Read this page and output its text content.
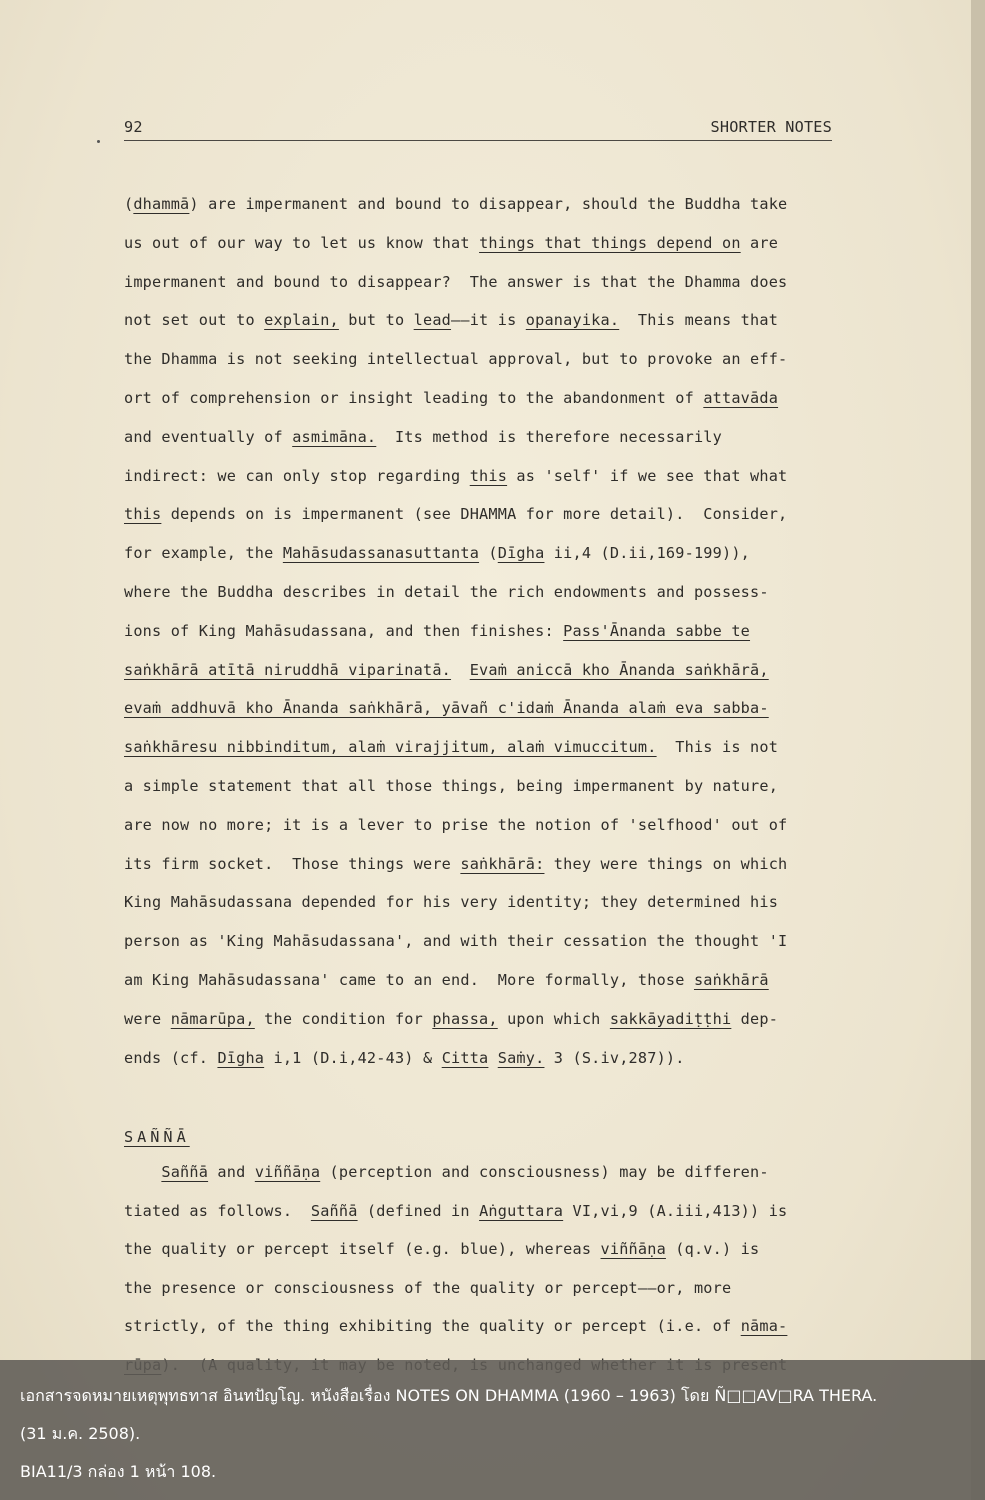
92	SHORTER NOTES
(dhammā) are impermanent and bound to disappear, should the Buddha take
us out of our way to let us know that things that things depend on are
impermanent and bound to disappear?  The answer is that the Dhamma does
not set out to explain, but to lead——it is opanayika.  This means that
the Dhamma is not seeking intellectual approval, but to provoke an eff-
ort of comprehension or insight leading to the abandonment of attavāda
and eventually of asmimāna.  Its method is therefore necessarily
indirect: we can only stop regarding this as 'self' if we see that what
this depends on is impermanent (see DHAMMA for more detail).  Consider,
for example, the Mahāsudassanasuttanta (Dīgha ii,4 (D.ii,169-199)),
where the Buddha describes in detail the rich endowments and possess-
ions of King Mahāsudassana, and then finishes: Pass'Ānanda sabbe te
saṅkhārā atītā niruddhā viparinatā. Evaṁ aniccā kho Ānanda saṅkhārā,
evaṁ addhuvā kho Ānanda saṅkhārā, yāvañ c'idaṁ Ānanda alaṁ eva sabba-
saṅkhāresu nibbinditum, alaṁ virajjitum, alaṁ vimuccitum.  This is not
a simple statement that all those things, being impermanent by nature,
are now no more; it is a lever to prise the notion of 'selfhood' out of
its firm socket.  Those things were saṅkhārā: they were things on which
King Mahāsudassana depended for his very identity; they determined his
person as 'King Mahāsudassana', and with their cessation the thought 'I
am King Mahāsudassana' came to an end.  More formally, those saṅkhārā
were nāmarūpa, the condition for phassa, upon which sakkāyadiṭṭhi dep-
ends (cf. Dīgha i,1 (D.i,42-43) & Citta Saṁy. 3 (S.iv,287)).
SAÑÑĀ
Saññā and viññāṇa (perception and consciousness) may be differen-
tiated as follows.  Saññā (defined in Aṅguttara VI,vi,9 (A.iii,413)) is
the quality or percept itself (e.g. blue), whereas viññāṇa (q.v.) is
the presence or consciousness of the quality or percept——or, more
strictly, of the thing exhibiting the quality or percept (i.e. of nāma-
เอกสารจดหมายเหตุพุทธทาส อินทปัญโญ. หนังสือเรื่อง NOTES ON DHAMMA (1960 – 1963) โดย Ñ□□AV□RA THERA.
(31 ม.ค. 2508).
BIA11/3 กล่อง 1 หน้า 108.
